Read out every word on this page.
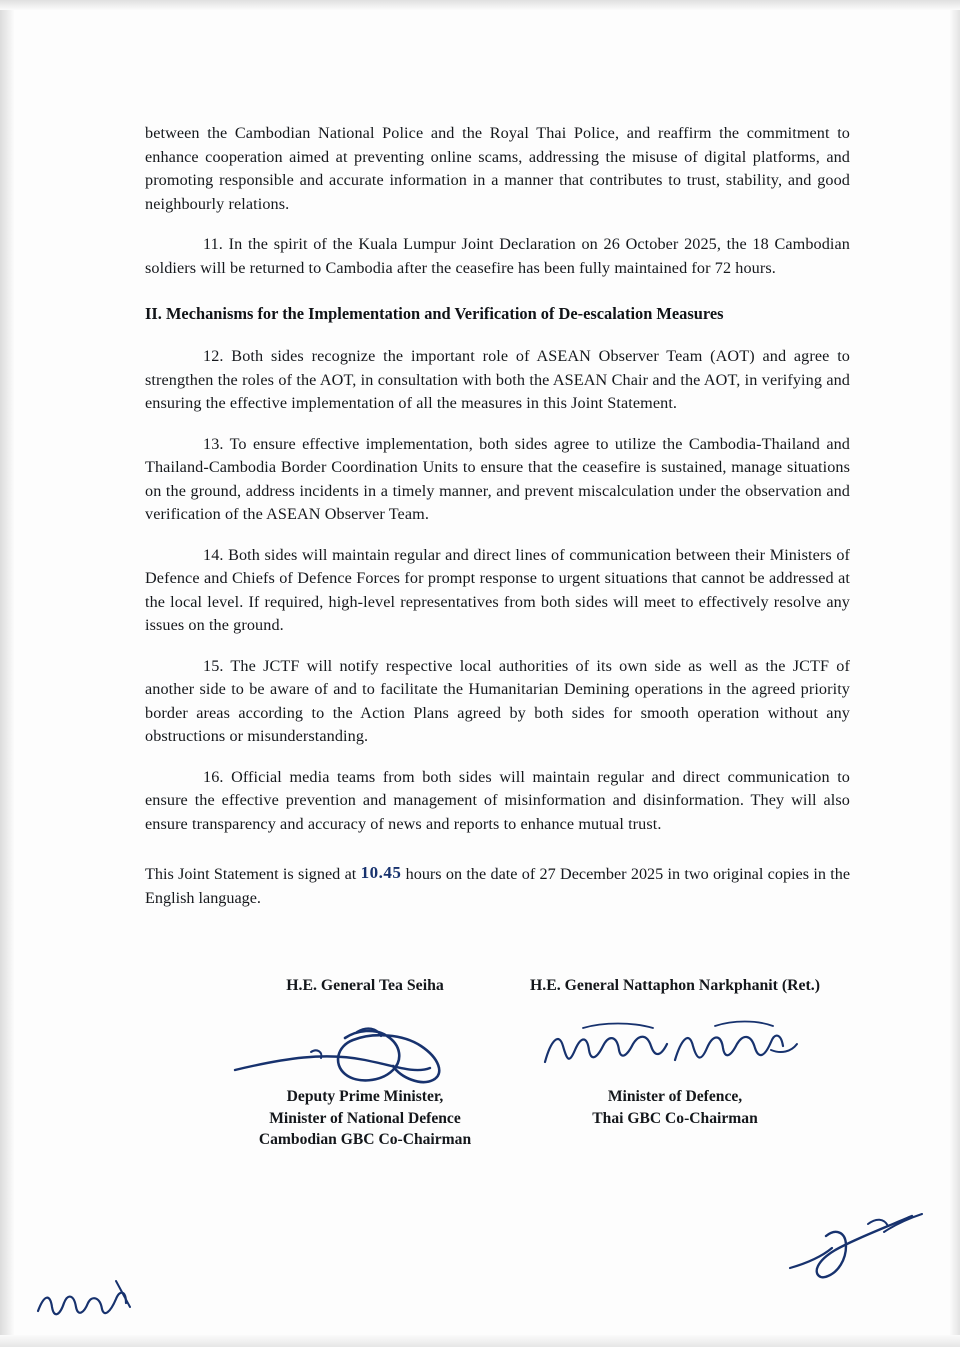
between the Cambodian National Police and the Royal Thai Police, and reaffirm the commitment to enhance cooperation aimed at preventing online scams, addressing the misuse of digital platforms, and promoting responsible and accurate information in a manner that contributes to trust, stability, and good neighbourly relations.

11. In the spirit of the Kuala Lumpur Joint Declaration on 26 October 2025, the 18 Cambodian soldiers will be returned to Cambodia after the ceasefire has been fully maintained for 72 hours.

II. Mechanisms for the Implementation and Verification of De-escalation Measures

12. Both sides recognize the important role of ASEAN Observer Team (AOT) and agree to strengthen the roles of the AOT, in consultation with both the ASEAN Chair and the AOT, in verifying and ensuring the effective implementation of all the measures in this Joint Statement.

13. To ensure effective implementation, both sides agree to utilize the Cambodia-Thailand and Thailand-Cambodia Border Coordination Units to ensure that the ceasefire is sustained, manage situations on the ground, address incidents in a timely manner, and prevent miscalculation under the observation and verification of the ASEAN Observer Team.

14. Both sides will maintain regular and direct lines of communication between their Ministers of Defence and Chiefs of Defence Forces for prompt response to urgent situations that cannot be addressed at the local level. If required, high-level representatives from both sides will meet to effectively resolve any issues on the ground.

15. The JCTF will notify respective local authorities of its own side as well as the JCTF of another side to be aware of and to facilitate the Humanitarian Demining operations in the agreed priority border areas according to the Action Plans agreed by both sides for smooth operation without any obstructions or misunderstanding.

16. Official media teams from both sides will maintain regular and direct communication to ensure the effective prevention and management of misinformation and disinformation. They will also ensure transparency and accuracy of news and reports to enhance mutual trust.

This Joint Statement is signed at 10.45 hours on the date of 27 December 2025 in two original copies in the English language.

H.E. General Tea Seiha
Deputy Prime Minister,
Minister of National Defence
Cambodian GBC Co-Chairman
H.E. General Nattaphon Narkphanit (Ret.)
Minister of Defence,
Thai GBC Co-Chairman
